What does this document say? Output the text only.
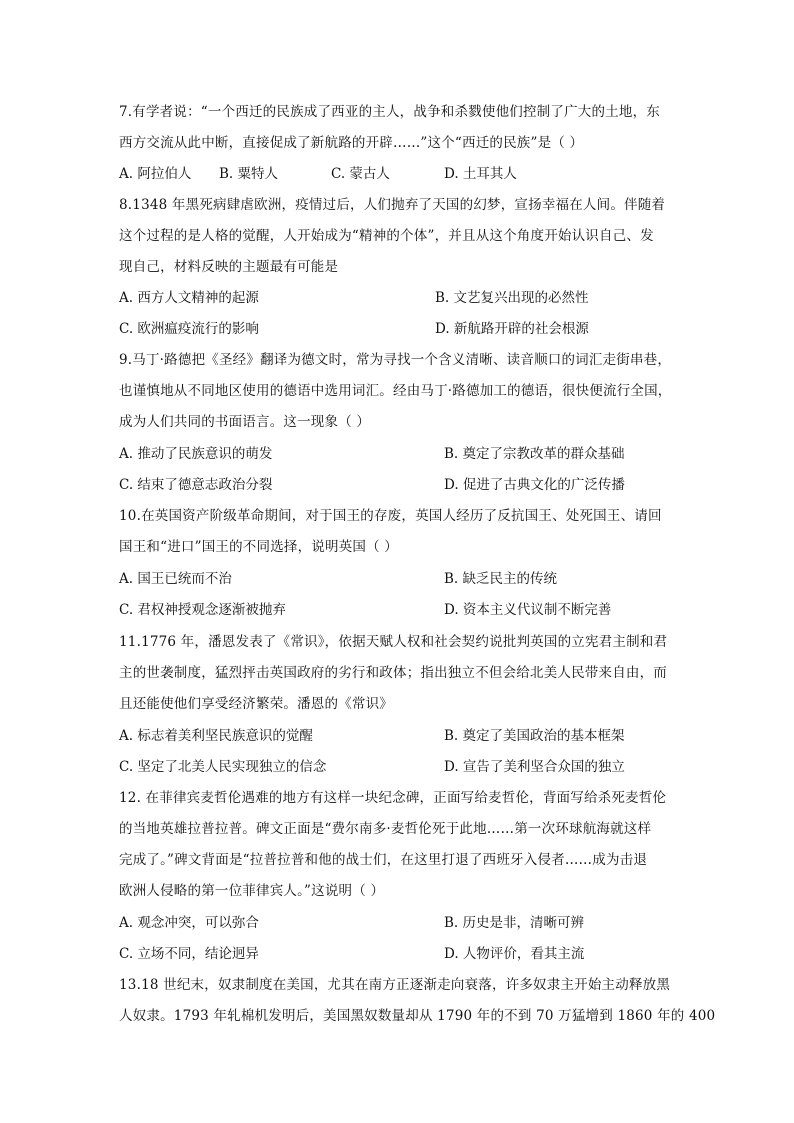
7.有学者说：“一个西迁的民族成了西亚的主人，战争和杀戮使他们控制了广大的土地，东

西方交流从此中断，直接促成了新航路的开辟……”这个“西迁的民族”是（ ）

A. 阿拉伯人 B. 粟特人	C. 蒙古人	D. 土耳其人

8.1348 年黑死病肆虐欧洲，疫情过后，人们抛弃了天国的幻梦，宣扬幸福在人间。伴随着

这个过程的是人格的觉醒，人开始成为“精神的个体”，并且从这个角度开始认识自己、发

现自己，材料反映的主题最有可能是

A. 西方人文精神的起源	B. 文艺复兴出现的必然性
C. 欧洲瘟疫流行的影响	D. 新航路开辟的社会根源

9.马丁·路德把《圣经》翻译为德文时，常为寻找一个含义清晰、读音顺口的词汇走街串巷，

也谨慎地从不同地区使用的德语中选用词汇。经由马丁·路德加工的德语，很快便流行全国，

成为人们共同的书面语言。这一现象（ ）

A. 推动了民族意识的萌发	B. 奠定了宗教改革的群众基础
C. 结束了德意志政治分裂	D. 促进了古典文化的广泛传播

10.在英国资产阶级革命期间，对于国王的存废，英国人经历了反抗国王、处死国王、请回

国王和“进口”国王的不同选择，说明英国（ ）

A. 国王已统而不治	B. 缺乏民主的传统
C. 君权神授观念逐渐被抛弃	D. 资本主义代议制不断完善

11.1776 年，潘恩发表了《常识》，依据天赋人权和社会契约说批判英国的立宪君主制和君

主的世袭制度，猛烈抨击英国政府的劣行和政体；指出独立不但会给北美人民带来自由，而

且还能使他们享受经济繁荣。潘恩的《常识》

A. 标志着美利坚民族意识的觉醒	B. 奠定了美国政治的基本框架
C. 坚定了北美人民实现独立的信念	D. 宣告了美利坚合众国的独立

12. 在菲律宾麦哲伦遇难的地方有这样一块纪念碑，正面写给麦哲伦，背面写给杀死麦哲伦

的当地英雄拉普拉普。碑文正面是“费尔南多·麦哲伦死于此地……第一次环球航海就这样

完成了。”碑文背面是“拉普拉普和他的战士们，在这里打退了西班牙入侵者……成为击退

欧洲人侵略的第一位菲律宾人。”这说明（ ）

A. 观念冲突，可以弥合	B. 历史是非，清晰可辨
C. 立场不同，结论迥异	D. 人物评价，看其主流

13.18 世纪末，奴隶制度在美国，尤其在南方正逐渐走向衰落，许多奴隶主开始主动释放黑

人奴隶。1793 年轧棉机发明后，美国黑奴数量却从 1790 年的不到 70 万猛增到 1860 年的 400
